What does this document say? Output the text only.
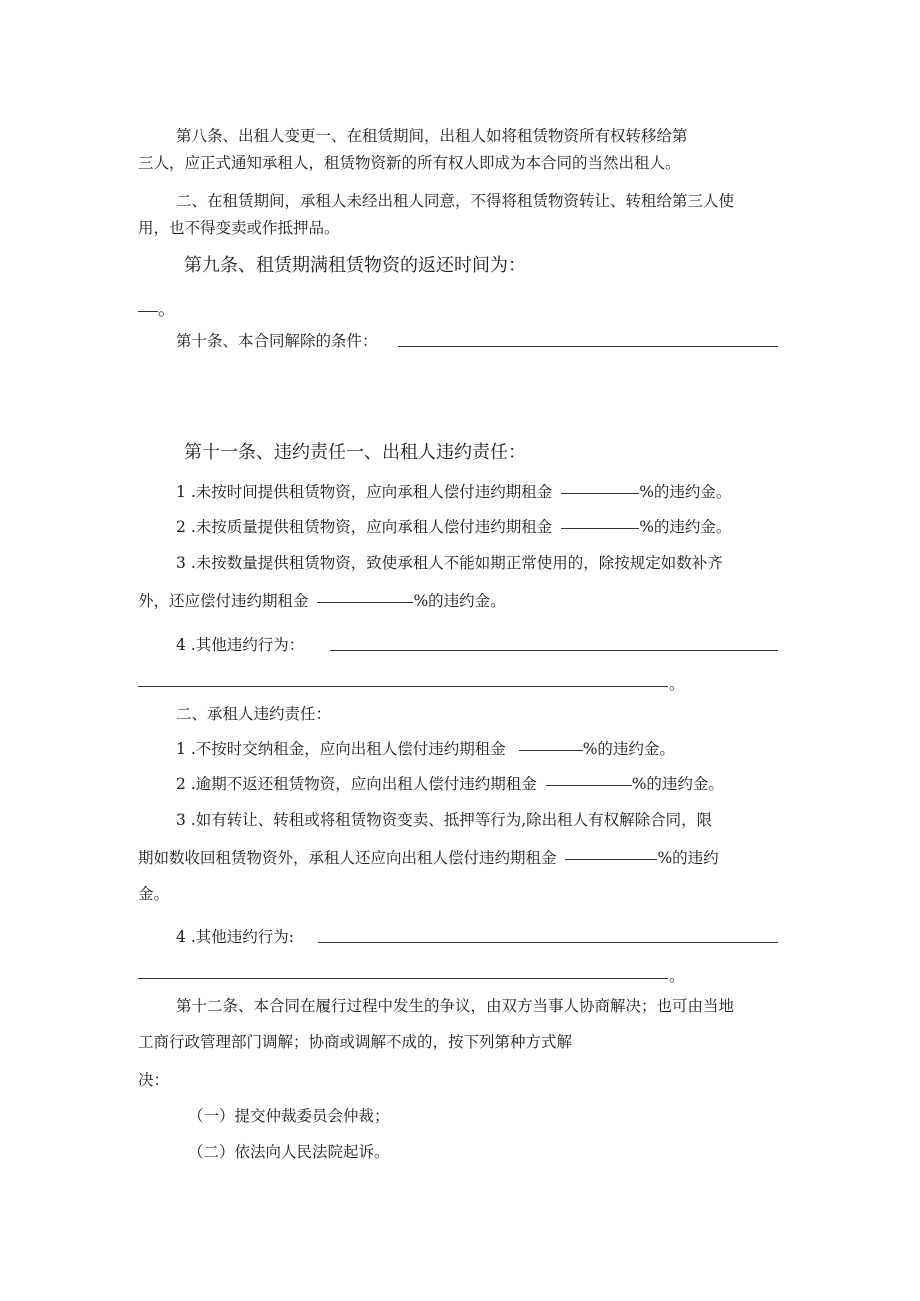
第八条、出租人变更一、在租赁期间，出租人如将租赁物资所有权转移给第
三人，应正式通知承租人，租赁物资新的所有权人即成为本合同的当然出租人。
二、在租赁期间，承租人未经出租人同意，不得将租赁物资转让、转租给第三人使
用，也不得变卖或作抵押品。
第九条、租赁期满租赁物资的返还时间为：
。
第十条、本合同解除的条件：
第十一条、违约责任一、出租人违约责任：
1 .未按时间提供租赁物资，应向承租人偿付违约期租金	%的违约金。
2 .未按质量提供租赁物资，应向承租人偿付违约期租金	%的违约金。
3 .未按数量提供租赁物资，致使承租人不能如期正常使用的，除按规定如数补齐
外，还应偿付违约期租金	%的违约金。
4 .其他违约行为：
。
二、承租人违约责任：
1 .不按时交纳租金，应向出租人偿付违约期租金	%的违约金。
2 .逾期不返还租赁物资，应向出租人偿付违约期租金	%的违约金。
3 .如有转让、转租或将租赁物资变卖、抵押等行为,除出租人有权解除合同，限
期如数收回租赁物资外，承租人还应向出租人偿付违约期租金	%的违约
金。
4 .其他违约行为:
。
第十二条、本合同在履行过程中发生的争议，由双方当事人协商解决；也可由当地
工商行政管理部门调解；协商或调解不成的，按下列第种方式解
决：
（一）提交仲裁委员会仲裁；
（二）依法向人民法院起诉。
